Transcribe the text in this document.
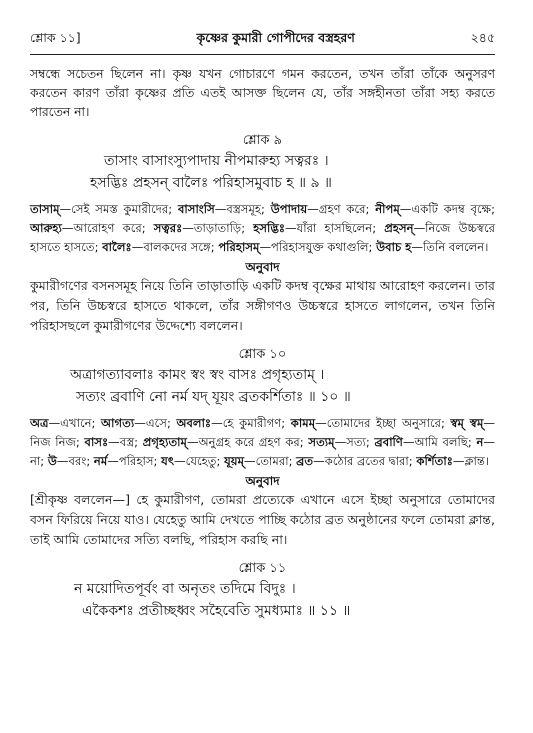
শ্লোক ১১]	কৃষ্ণের কুমারী গোপীদের বস্ত্রহরণ	২৪৫

সম্বন্ধে সচেতন ছিলেন না। কৃষ্ণ যখন গোচারণে গমন করতেন, তখন তাঁরা তাঁকে অনুসরণ করতেন কারণ তাঁরা কৃষ্ণের প্রতি এতই আসক্ত ছিলেন যে, তাঁর সঙ্গহীনতা তাঁরা সহ্য করতে পারতেন না।

শ্লোক ৯
তাসাং বাসাংস্যুপাদায় নীপমারুহ্য সত্বরঃ ।
হসদ্ভিঃ প্রহসন্ বালৈঃ পরিহাসমুবাচ হ ॥ ৯ ॥

তাসাম্—সেই সমস্ত কুমারীদের; বাসাংসি—বস্ত্রসমূহ; উপাদায়—গ্রহণ করে; নীপম্—একটি কদম্ব বৃক্ষে; আরুহ্য—আরোহণ করে; সত্বরঃ—তাড়াতাড়ি; হসদ্ভিঃ—যাঁরা হাসছিলেন; প্রহসন্—নিজে উচ্চস্বরে হাসতে হাসতে; বালৈঃ—বালকদের সঙ্গে; পরিহাসম্—পরিহাসযুক্ত কথাগুলি; উবাচ হ—তিনি বললেন।

অনুবাদ

কুমারীগণের বসনসমূহ নিয়ে তিনি তাড়াতাড়ি একটি কদম্ব বৃক্ষের মাথায় আরোহণ করলেন। তার পর, তিনি উচ্চস্বরে হাসতে থাকলে, তাঁর সঙ্গীগণও উচ্চস্বরে হাসতে লাগলেন, তখন তিনি পরিহাসছলে কুমারীগণের উদ্দেশ্যে বললেন।

শ্লোক ১০
অত্রাগত্যাবলাঃ কামং স্বং স্বং বাসঃ প্রগৃহ্যতাম্ ।
সত্যং ব্রবাণি নো নর্ম যদ্ যূয়ং ব্রতকর্শিতাঃ ॥ ১০ ॥

অত্র—এখানে; আগত্য—এসে; অবলাঃ—হে কুমারীগণ; কামম্—তোমাদের ইচ্ছা অনুসারে; স্বম্ স্বম্—নিজ নিজ; বাসঃ—বস্ত্র; প্রগৃহ্যতাম্—অনুগ্রহ করে গ্রহণ কর; সত্যম্—সত্য; ব্রবাণি—আমি বলছি; ন—না; উ—বরং; নর্ম—পরিহাস; যৎ—যেহেতু; যূয়ম্—তোমরা; ব্রত—কঠোর ব্রতের দ্বারা; কর্শিতাঃ—ক্লান্ত।

অনুবাদ

[শ্রীকৃষ্ণ বললেন—] হে কুমারীগণ, তোমরা প্রত্যেকে এখানে এসে ইচ্ছা অনুসারে তোমাদের বসন ফিরিয়ে নিয়ে যাও। যেহেতু আমি দেখতে পাচ্ছি কঠোর ব্রত অনুষ্ঠানের ফলে তোমরা ক্লান্ত, তাই আমি তোমাদের সত্যি বলছি, পরিহাস করছি না।

শ্লোক ১১
ন ময়োদিতপূর্বং বা অনৃতং তদিমে বিদুঃ ।
একৈকশঃ প্রতীচ্ছধ্বং সহৈবেতি সুমধ্যমাঃ ॥ ১১ ॥
